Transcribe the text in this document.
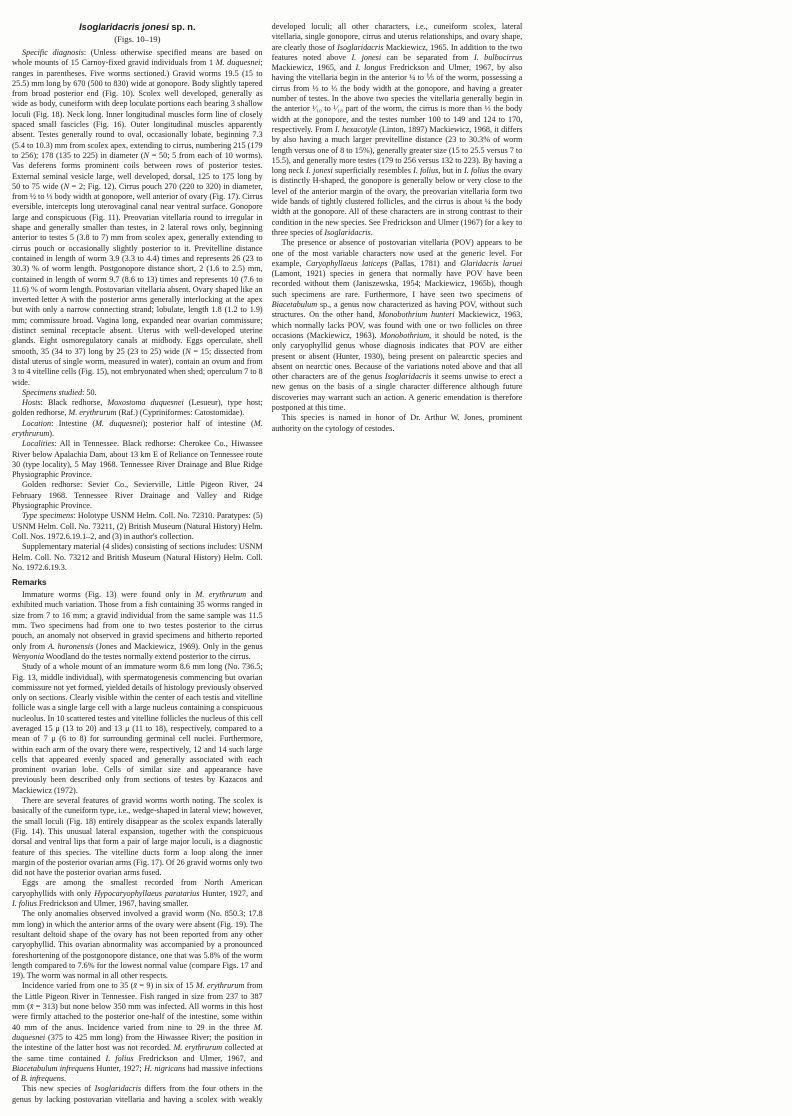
Isoglaridacris jonesi sp. n.
(Figs. 10–19)

Specific diagnosis: (Unless otherwise specified means are based on whole mounts of 15 Carnoy-fixed gravid individuals from 1 M. duquesnei; ranges in parentheses. Five worms sectioned.) Gravid worms 19.5 (15 to 25.5) mm long by 670 (500 to 830) wide at gonopore. Body slightly tapered from broad posterior end (Fig. 10). Scolex well developed, generally as wide as body, cuneiform with deep loculate portions each bearing 3 shallow loculi (Fig. 18). Neck long. Inner longitudinal muscles form line of closely spaced small fascicles (Fig. 16). Outer longitudinal muscles apparently absent. Testes generally round to oval, occasionally lobate, beginning 7.3 (5.4 to 10.3) mm from scolex apex, extending to cirrus, numbering 215 (179 to 256); 178 (135 to 225) in diameter (N = 50; 5 from each of 10 worms). Vas deferens forms prominent coils between rows of posterior testes. External seminal vesicle large, well developed, dorsal, 125 to 175 long by 50 to 75 wide (N = 2; Fig. 12). Cirrus pouch 270 (220 to 320) in diameter, from ½ to ⅓ body width at gonopore, well anterior of ovary (Fig. 17). Cirrus eversible, intercepts long uterovaginal canal near ventral surface. Gonopore large and conspicuous (Fig. 11). Preovarian vitellaria round to irregular in shape and generally smaller than testes, in 2 lateral rows only, beginning anterior to testes 5 (3.8 to 7) mm from scolex apex, generally extending to cirrus pouch or occasionally slightly posterior to it. Previtelline distance contained in length of worm 3.9 (3.3 to 4.4) times and represents 26 (23 to 30.3) % of worm length. Postgonopore distance short, 2 (1.6 to 2.5) mm, contained in length of worm 9.7 (8.6 to 13) times and represents 10 (7.6 to 11.6) % of worm length. Postovarian vitellaria absent. Ovary shaped like an inverted letter A with the posterior arms generally interlocking at the apex but with only a narrow connecting strand; lobulate, length 1.8 (1.2 to 1.9) mm; commissure broad. Vagina long, expanded near ovarian commissure; distinct seminal receptacle absent. Uterus with well-developed uterine glands. Eight osmoregulatory canals at midbody. Eggs operculate, shell smooth, 35 (34 to 37) long by 25 (23 to 25) wide (N = 15; dissected from distal uterus of single worm, measured in water), contain an ovum and from 3 to 4 vitelline cells (Fig. 15), not embryonated when shed; operculum 7 to 8 wide.

Specimens studied: 50.

Hosts: Black redhorse, Moxostoma duquesnei (Lesueur), type host; golden redhorse, M. erythrurum (Raf.) (Cypriniformes: Catostomidae).

Location: Intestine (M. duquesnei); posterior half of intestine (M. erythrurum).

Localities: All in Tennessee. Black redhorse: Cherokee Co., Hiwassee River below Apalachia Dam, about 13 km E of Reliance on Tennessee route 30 (type locality), 5 May 1968. Tennessee River Drainage and Blue Ridge Physiographic Province.

Golden redhorse: Sevier Co., Sevierville, Little Pigeon River, 24 February 1968. Tennessee River Drainage and Valley and Ridge Physiographic Province.

Type specimens: Holotype USNM Helm. Coll. No. 72310. Paratypes: (5) USNM Helm. Coll. No. 73211, (2) British Museum (Natural History) Helm. Coll. Nos. 1972.6.19.1–2, and (3) in author's collection.

Supplementary material (4 slides) consisting of sections includes: USNM Helm. Coll. No. 73212 and British Museum (Natural History) Helm. Coll. No. 1972.6.19.3.

Remarks

Immature worms (Fig. 13) were found only in M. erythrurum and exhibited much variation. Those from a fish containing 35 worms ranged in size from 7 to 16 mm; a gravid individual from the same sample was 11.5 mm. Two specimens had from one to two testes posterior to the cirrus pouch, an anomaly not observed in gravid specimens and hitherto reported only from A. huronensis (Jones and Mackiewicz, 1969). Only in the genus Wenyonia Woodland do the testes normally extend posterior to the cirrus.

Study of a whole mount of an immature worm 8.6 mm long (No. 736.5; Fig. 13, middle individual), with spermatogenesis commencing but ovarian commissure not yet formed, yielded details of histology previously observed only on sections. Clearly visible within the center of each testis and vitelline follicle was a single large cell with a large nucleus containing a conspicuous nucleolus. In 10 scattered testes and vitelline follicles the nucleus of this cell averaged 15 μ (13 to 20) and 13 μ (11 to 18), respectively, compared to a mean of 7 μ (6 to 8) for surrounding germinal cell nuclei. Furthermore, within each arm of the ovary there were, respectively, 12 and 14 such large cells that appeared evenly spaced and generally associated with each prominent ovarian lobe. Cells of similar size and appearance have previously been described only from sections of testes by Kazacos and Mackiewicz (1972).

There are several features of gravid worms worth noting. The scolex is basically of the cuneiform type, i.e., wedge-shaped in lateral view; however, the small loculi (Fig. 18) entirely disappear as the scolex expands laterally (Fig. 14). This unusual lateral expansion, together with the conspicuous dorsal and ventral lips that form a pair of large major loculi, is a diagnostic feature of this species. The vitelline ducts form a loop along the inner margin of the posterior ovarian arms (Fig. 17). Of 26 gravid worms only two did not have the posterior ovarian arms fused.

Eggs are among the smallest recorded from North American caryophyllids with only Hypocaryophyllaeus paratarius Hunter, 1927, and I. folius Fredrickson and Ulmer, 1967, having smaller.

The only anomalies observed involved a gravid worm (No. 850.3; 17.8 mm long) in which the anterior arms of the ovary were absent (Fig. 19). The resultant deltoid shape of the ovary has not been reported from any other caryophyllid. This ovarian abnormality was accompanied by a pronounced foreshortening of the postgonopore distance, one that was 5.8% of the worm length compared to 7.6% for the lowest normal value (compare Figs. 17 and 19). The worm was normal in all other respects.

Incidence varied from one to 35 (x̄ = 9) in six of 15 M. erythrurum from the Little Pigeon River in Tennessee. Fish ranged in size from 237 to 387 mm (x̄ = 313) but none below 350 mm was infected. All worms in this host were firmly attached to the posterior one-half of the intestine, some within 40 mm of the anus. Incidence varied from nine to 29 in the three M. duquesnei (375 to 425 mm long) from the Hiwassee River; the position in the intestine of the latter host was not recorded. M. erythrurum collected at the same time contained I. folius Fredrickson and Ulmer, 1967, and Biacetabulum infrequens Hunter, 1927; H. nigricans had massive infections of B. infrequens.

This new species of Isoglaridacris differs from the four others in the genus by lacking postovarian vitellaria and having a scolex with weakly developed loculi; all other characters, i.e., cuneiform scolex, lateral vitellaria, single gonopore, cirrus and uterus relationships, and ovary shape, are clearly those of Isoglaridacris Mackiewicz, 1965. In addition to the two features noted above I. jonesi can be separated from I. bulbocirrus Mackiewicz, 1965, and I. longus Fredrickson and Ulmer, 1967, by also having the vitellaria begin in the anterior ¼ to ⅕ of the worm, possessing a cirrus from ½ to ⅓ the body width at the gonopore, and having a greater number of testes. In the above two species the vitellaria generally begin in the anterior ¹⁄₁₀ to ¹⁄₁₈ part of the worm, the cirrus is more than ⅓ the body width at the gonopore, and the testes number 100 to 149 and 124 to 170, respectively. From I. hexacotyle (Linton, 1897) Mackiewicz, 1968, it differs by also having a much larger previtelline distance (23 to 30.3% of worm length versus one of 8 to 15%), generally greater size (15 to 25.5 versus 7 to 15.5), and generally more testes (179 to 256 versus 132 to 223). By having a long neck I. jonesi superficially resembles I. folius, but in I. folius the ovary is distinctly H-shaped, the gonopore is generally below or very close to the level of the anterior margin of the ovary, the preovarian vitellaria form two wide bands of tightly clustered follicles, and the cirrus is about ¼ the body width at the gonopore. All of these characters are in strong contrast to their condition in the new species. See Fredrickson and Ulmer (1967) for a key to three species of Isoglaridacris.

The presence or absence of postovarian vitellaria (POV) appears to be one of the most variable characters now used at the generic level. For example, Caryophyllaeus laticeps (Pallas, 1781) and Glaridacris laruei (Lamont, 1921) species in genera that normally have POV have been recorded without them (Janiszewska, 1954; Mackiewicz, 1965b), though such specimens are rare. Furthermore, I have seen two specimens of Biacetabulum sp., a genus now characterized as having POV, without such structures. On the other hand, Monobothrium hunteri Mackiewicz, 1963, which normally lacks POV, was found with one or two follicles on three occasions (Mackiewicz, 1963). Monobothrium, it should be noted, is the only caryophyllid genus whose diagnosis indicates that POV are either present or absent (Hunter, 1930), being present on palearctic species and absent on nearctic ones. Because of the variations noted above and that all other characters are of the genus Isoglaridacris it seems unwise to erect a new genus on the basis of a single character difference although future discoveries may warrant such an action. A generic emendation is therefore postponed at this time.

This species is named in honor of Dr. Arthur W. Jones, prominent authority on the cytology of cestodes.
